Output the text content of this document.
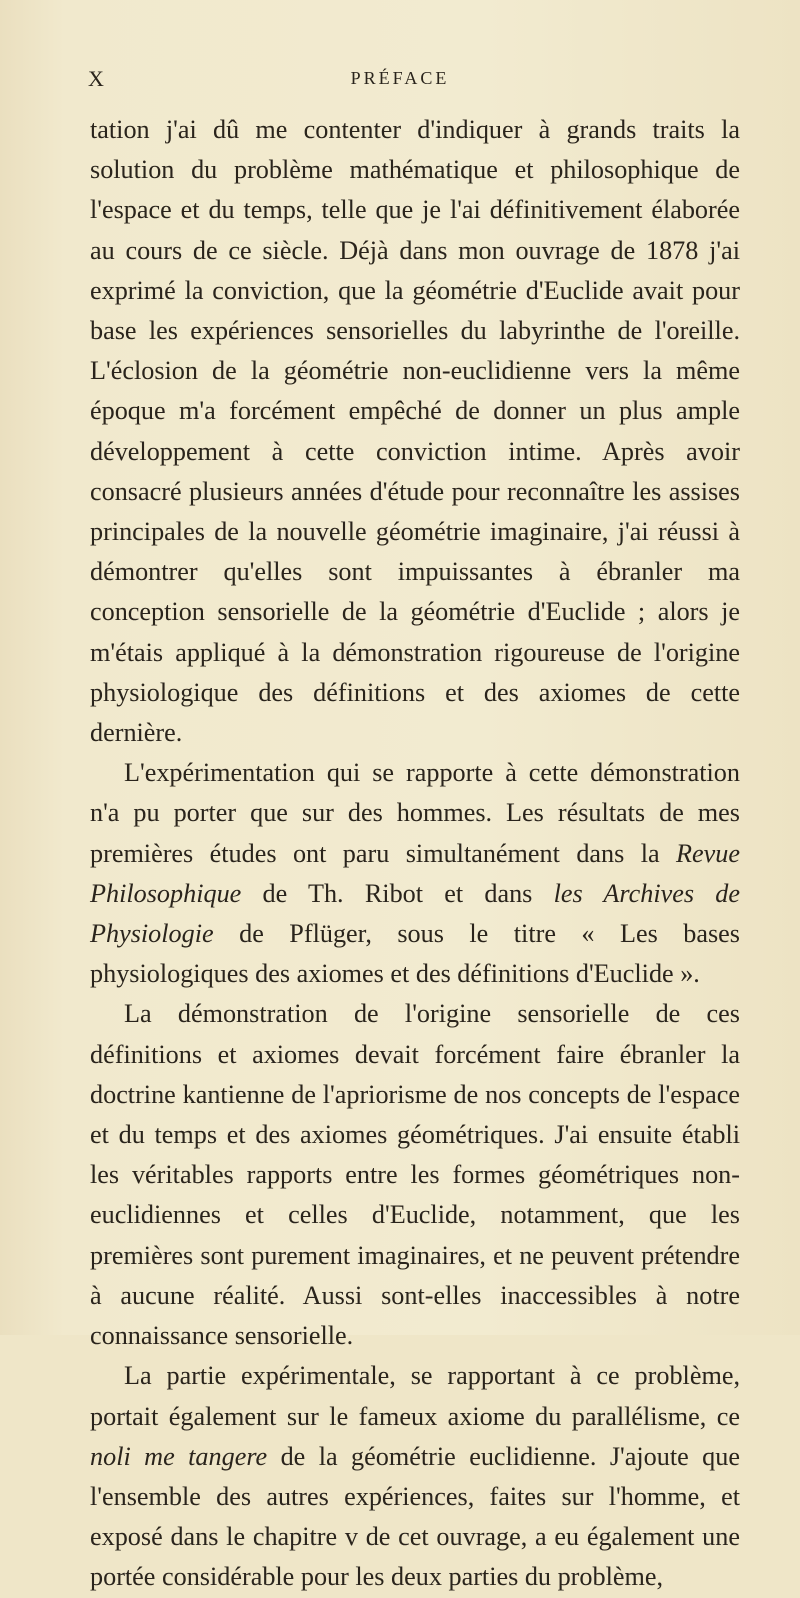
X	PRÉFACE

tation j'ai dû me contenter d'indiquer à grands traits la solution du problème mathématique et philosophique de l'espace et du temps, telle que je l'ai définitivement élaborée au cours de ce siècle. Déjà dans mon ouvrage de 1878 j'ai exprimé la conviction, que la géométrie d'Euclide avait pour base les expériences sensorielles du labyrinthe de l'oreille. L'éclosion de la géométrie non-euclidienne vers la même époque m'a forcément empêché de donner un plus ample développement à cette conviction intime. Après avoir consacré plusieurs années d'étude pour reconnaître les assises principales de la nouvelle géométrie imaginaire, j'ai réussi à démontrer qu'elles sont impuissantes à ébranler ma conception sensorielle de la géométrie d'Euclide ; alors je m'étais appliqué à la démonstration rigoureuse de l'origine physiologique des définitions et des axiomes de cette dernière.

L'expérimentation qui se rapporte à cette démonstration n'a pu porter que sur des hommes. Les résultats de mes premières études ont paru simultanément dans la Revue Philosophique de Th. Ribot et dans les Archives de Physiologie de Pflüger, sous le titre « Les bases physiologiques des axiomes et des définitions d'Euclide ».

La démonstration de l'origine sensorielle de ces définitions et axiomes devait forcément faire ébranler la doctrine kantienne de l'apriorisme de nos concepts de l'espace et du temps et des axiomes géométriques. J'ai ensuite établi les véritables rapports entre les formes géométriques non-euclidiennes et celles d'Euclide, notamment, que les premières sont purement imaginaires, et ne peuvent prétendre à aucune réalité. Aussi sont-elles inaccessibles à notre connaissance sensorielle.

La partie expérimentale, se rapportant à ce problème, portait également sur le fameux axiome du parallélisme, ce noli me tangere de la géométrie euclidienne. J'ajoute que l'ensemble des autres expériences, faites sur l'homme, et exposé dans le chapitre v de cet ouvrage, a eu également une portée considérable pour les deux parties du problème,
